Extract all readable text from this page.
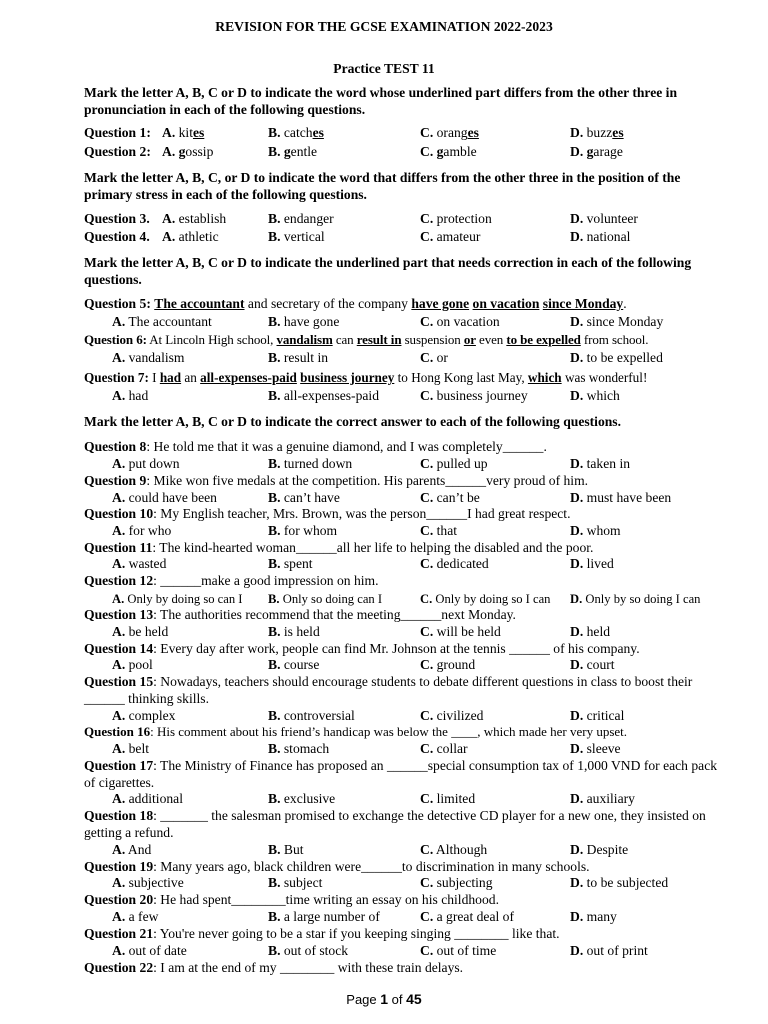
REVISION FOR THE GCSE EXAMINATION 2022-2023
Practice TEST 11
Mark the letter A, B, C or D to indicate the word whose underlined part differs from the other three in pronunciation in each of the following questions.
Question 1: A. kites	B. catches	C. oranges	D. buzzes
Question 2: A. gossip	B. gentle	C. gamble	D. garage
Mark the letter A, B, C, or D to indicate the word that differs from the other three in the position of the primary stress in each of the following questions.
Question 3. A. establish	B. endanger	C. protection	D. volunteer
Question 4. A. athletic	B. vertical	C. amateur	D. national
Mark the letter A, B, C or D to indicate the underlined part that needs correction in each of the following questions.
Question 5: The accountant and secretary of the company have gone on vacation since Monday.
A. The accountant	B. have gone	C. on vacation	D. since Monday
Question 6: At Lincoln High school, vandalism can result in suspension or even to be expelled from school.
A. vandalism	B. result in	C. or	D. to be expelled
Question 7: I had an all-expenses-paid business journey to Hong Kong last May, which was wonderful!
A. had	B. all-expenses-paid	C. business journey	D. which
Mark the letter A, B, C or D to indicate the correct answer to each of the following questions.
Question 8: He told me that it was a genuine diamond, and I was completely______.
A. put down	B. turned down	C. pulled up	D. taken in
Question 9: Mike won five medals at the competition. His parents______very proud of him.
A. could have been	B. can’t have	C. can’t be	D. must have been
Question 10: My English teacher, Mrs. Brown, was the person______I had great respect.
A. for who	B. for whom	C. that	D. whom
Question 11: The kind-hearted woman______all her life to helping the disabled and the poor.
A. wasted	B. spent	C. dedicated	D. lived
Question 12: ______make a good impression on him.
A. Only by doing so can I B. Only so doing can I	C. Only by doing so I can D. Only by so doing I can
Question 13: The authorities recommend that the meeting______next Monday.
A. be held	B. is held	C. will be held	D. held
Question 14: Every day after work, people can find Mr. Johnson at the tennis ______ of his company.
A. pool	B. course	C. ground	D. court
Question 15: Nowadays, teachers should encourage students to debate different questions in class to boost their ______ thinking skills.
A. complex	B. controversial	C. civilized	D. critical
Question 16: His comment about his friend’s handicap was below the ____, which made her very upset.
A. belt	B. stomach	C. collar	D. sleeve
Question 17: The Ministry of Finance has proposed an ______special consumption tax of 1,000 VND for each pack of cigarettes.
A. additional	B. exclusive	C. limited	D. auxiliary
Question 18: _______ the salesman promised to exchange the detective CD player for a new one, they insisted on getting a refund.
A. And	B. But	C. Although	D. Despite
Question 19: Many years ago, black children were______to discrimination in many schools.
A. subjective	B. subject	C. subjecting	D. to be subjected
Question 20: He had spent________time writing an essay on his childhood.
A. a few	B. a large number of	C. a great deal of	D. many
Question 21: You're never going to be a star if you keeping singing ________ like that.
A. out of date	B. out of stock	C. out of time	D. out of print
Question 22: I am at the end of my ________ with these train delays.
Page 1 of 45
